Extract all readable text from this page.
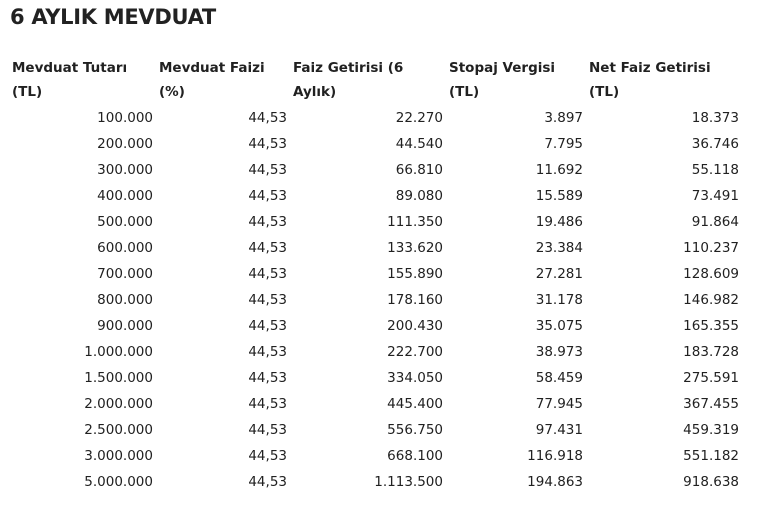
6 AYLIK MEVDUAT
Mevduat Tutarı (TL)	Mevduat Faizi (%)	Faiz Getirisi (6 Aylık)	Stopaj Vergisi (TL)	Net Faiz Getirisi (TL)
100.000	44,53	22.270	3.897	18.373
200.000	44,53	44.540	7.795	36.746
300.000	44,53	66.810	11.692	55.118
400.000	44,53	89.080	15.589	73.491
500.000	44,53	111.350	19.486	91.864
600.000	44,53	133.620	23.384	110.237
700.000	44,53	155.890	27.281	128.609
800.000	44,53	178.160	31.178	146.982
900.000	44,53	200.430	35.075	165.355
1.000.000	44,53	222.700	38.973	183.728
1.500.000	44,53	334.050	58.459	275.591
2.000.000	44,53	445.400	77.945	367.455
2.500.000	44,53	556.750	97.431	459.319
3.000.000	44,53	668.100	116.918	551.182
5.000.000	44,53	1.113.500	194.863	918.638
